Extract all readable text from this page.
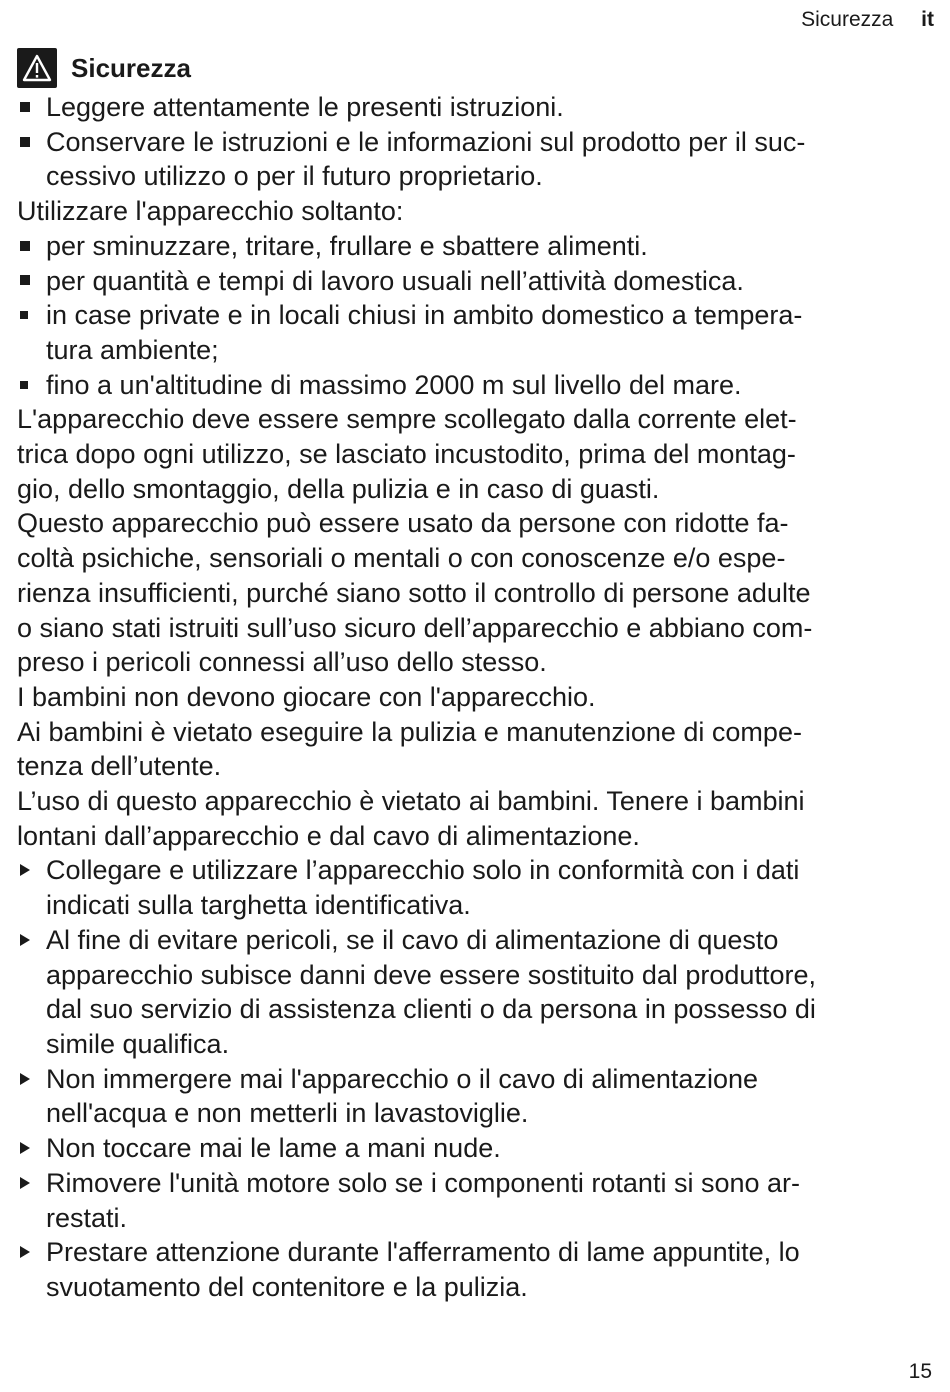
Sicurezza it
Sicurezza
Leggere attentamente le presenti istruzioni.
Conservare le istruzioni e le informazioni sul prodotto per il suc-
cessivo utilizzo o per il futuro proprietario.
Utilizzare l'apparecchio soltanto:
per sminuzzare, tritare, frullare e sbattere alimenti.
per quantità e tempi di lavoro usuali nell’attività domestica.
in case private e in locali chiusi in ambito domestico a tempera-
tura ambiente;
fino a un'altitudine di massimo 2000 m sul livello del mare.
L'apparecchio deve essere sempre scollegato dalla corrente elet-
trica dopo ogni utilizzo, se lasciato incustodito, prima del montag-
gio, dello smontaggio, della pulizia e in caso di guasti.
Questo apparecchio può essere usato da persone con ridotte fa-
coltà psichiche, sensoriali o mentali o con conoscenze e/o espe-
rienza insufficienti, purché siano sotto il controllo di persone adulte
o siano stati istruiti sull’uso sicuro dell’apparecchio e abbiano com-
preso i pericoli connessi all’uso dello stesso.
I bambini non devono giocare con l'apparecchio.
Ai bambini è vietato eseguire la pulizia e manutenzione di compe-
tenza dell’utente.
L’uso di questo apparecchio è vietato ai bambini. Tenere i bambini
lontani dall’apparecchio e dal cavo di alimentazione.
Collegare e utilizzare l’apparecchio solo in conformità con i dati
indicati sulla targhetta identificativa.
Al fine di evitare pericoli, se il cavo di alimentazione di questo
apparecchio subisce danni deve essere sostituito dal produttore,
dal suo servizio di assistenza clienti o da persona in possesso di
simile qualifica.
Non immergere mai l'apparecchio o il cavo di alimentazione
nell'acqua e non metterli in lavastoviglie.
Non toccare mai le lame a mani nude.
Rimovere l'unità motore solo se i componenti rotanti si sono ar-
restati.
Prestare attenzione durante l'afferramento di lame appuntite, lo
svuotamento del contenitore e la pulizia.
15
